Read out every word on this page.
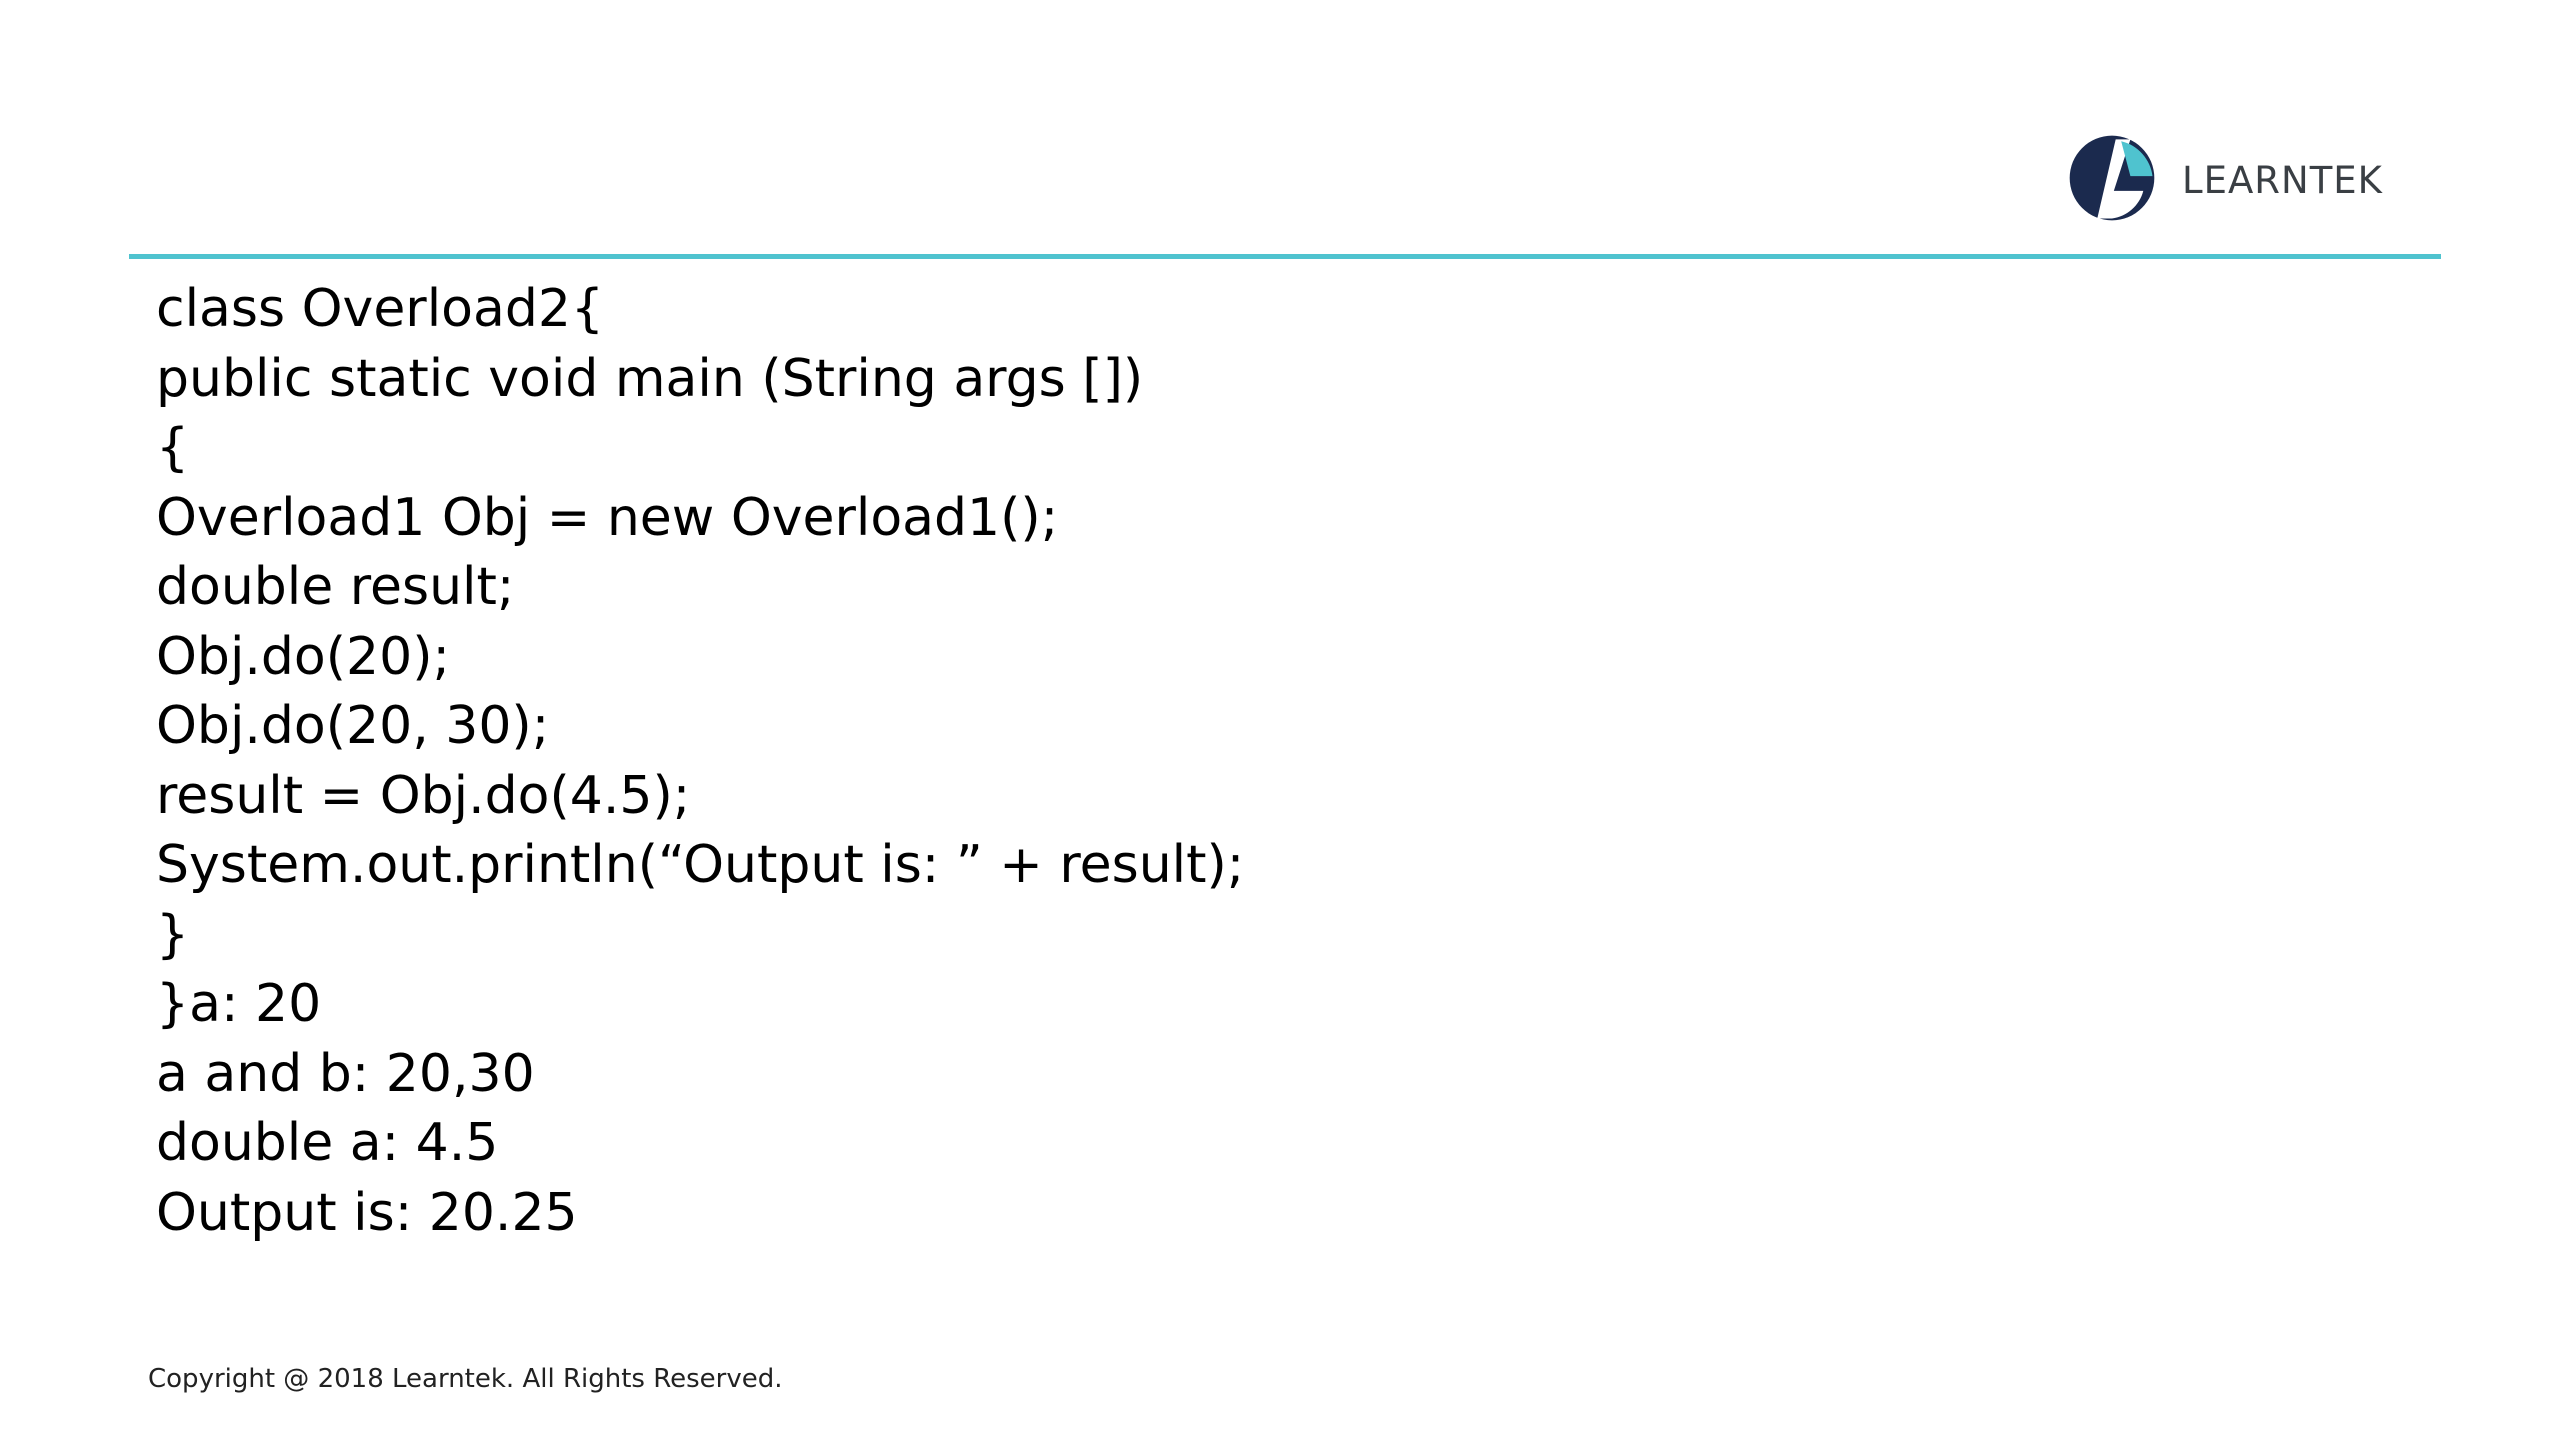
LEARNTEK
class Overload2{
public static void main (String args [])
{
Overload1 Obj = new Overload1();
double result;
Obj.do(20);
Obj.do(20, 30);
result = Obj.do(4.5);
System.out.println(“Output is: ” + result);
}
}a: 20
a and b: 20,30
double a: 4.5
Output is: 20.25
Copyright @ 2018 Learntek. All Rights Reserved.
